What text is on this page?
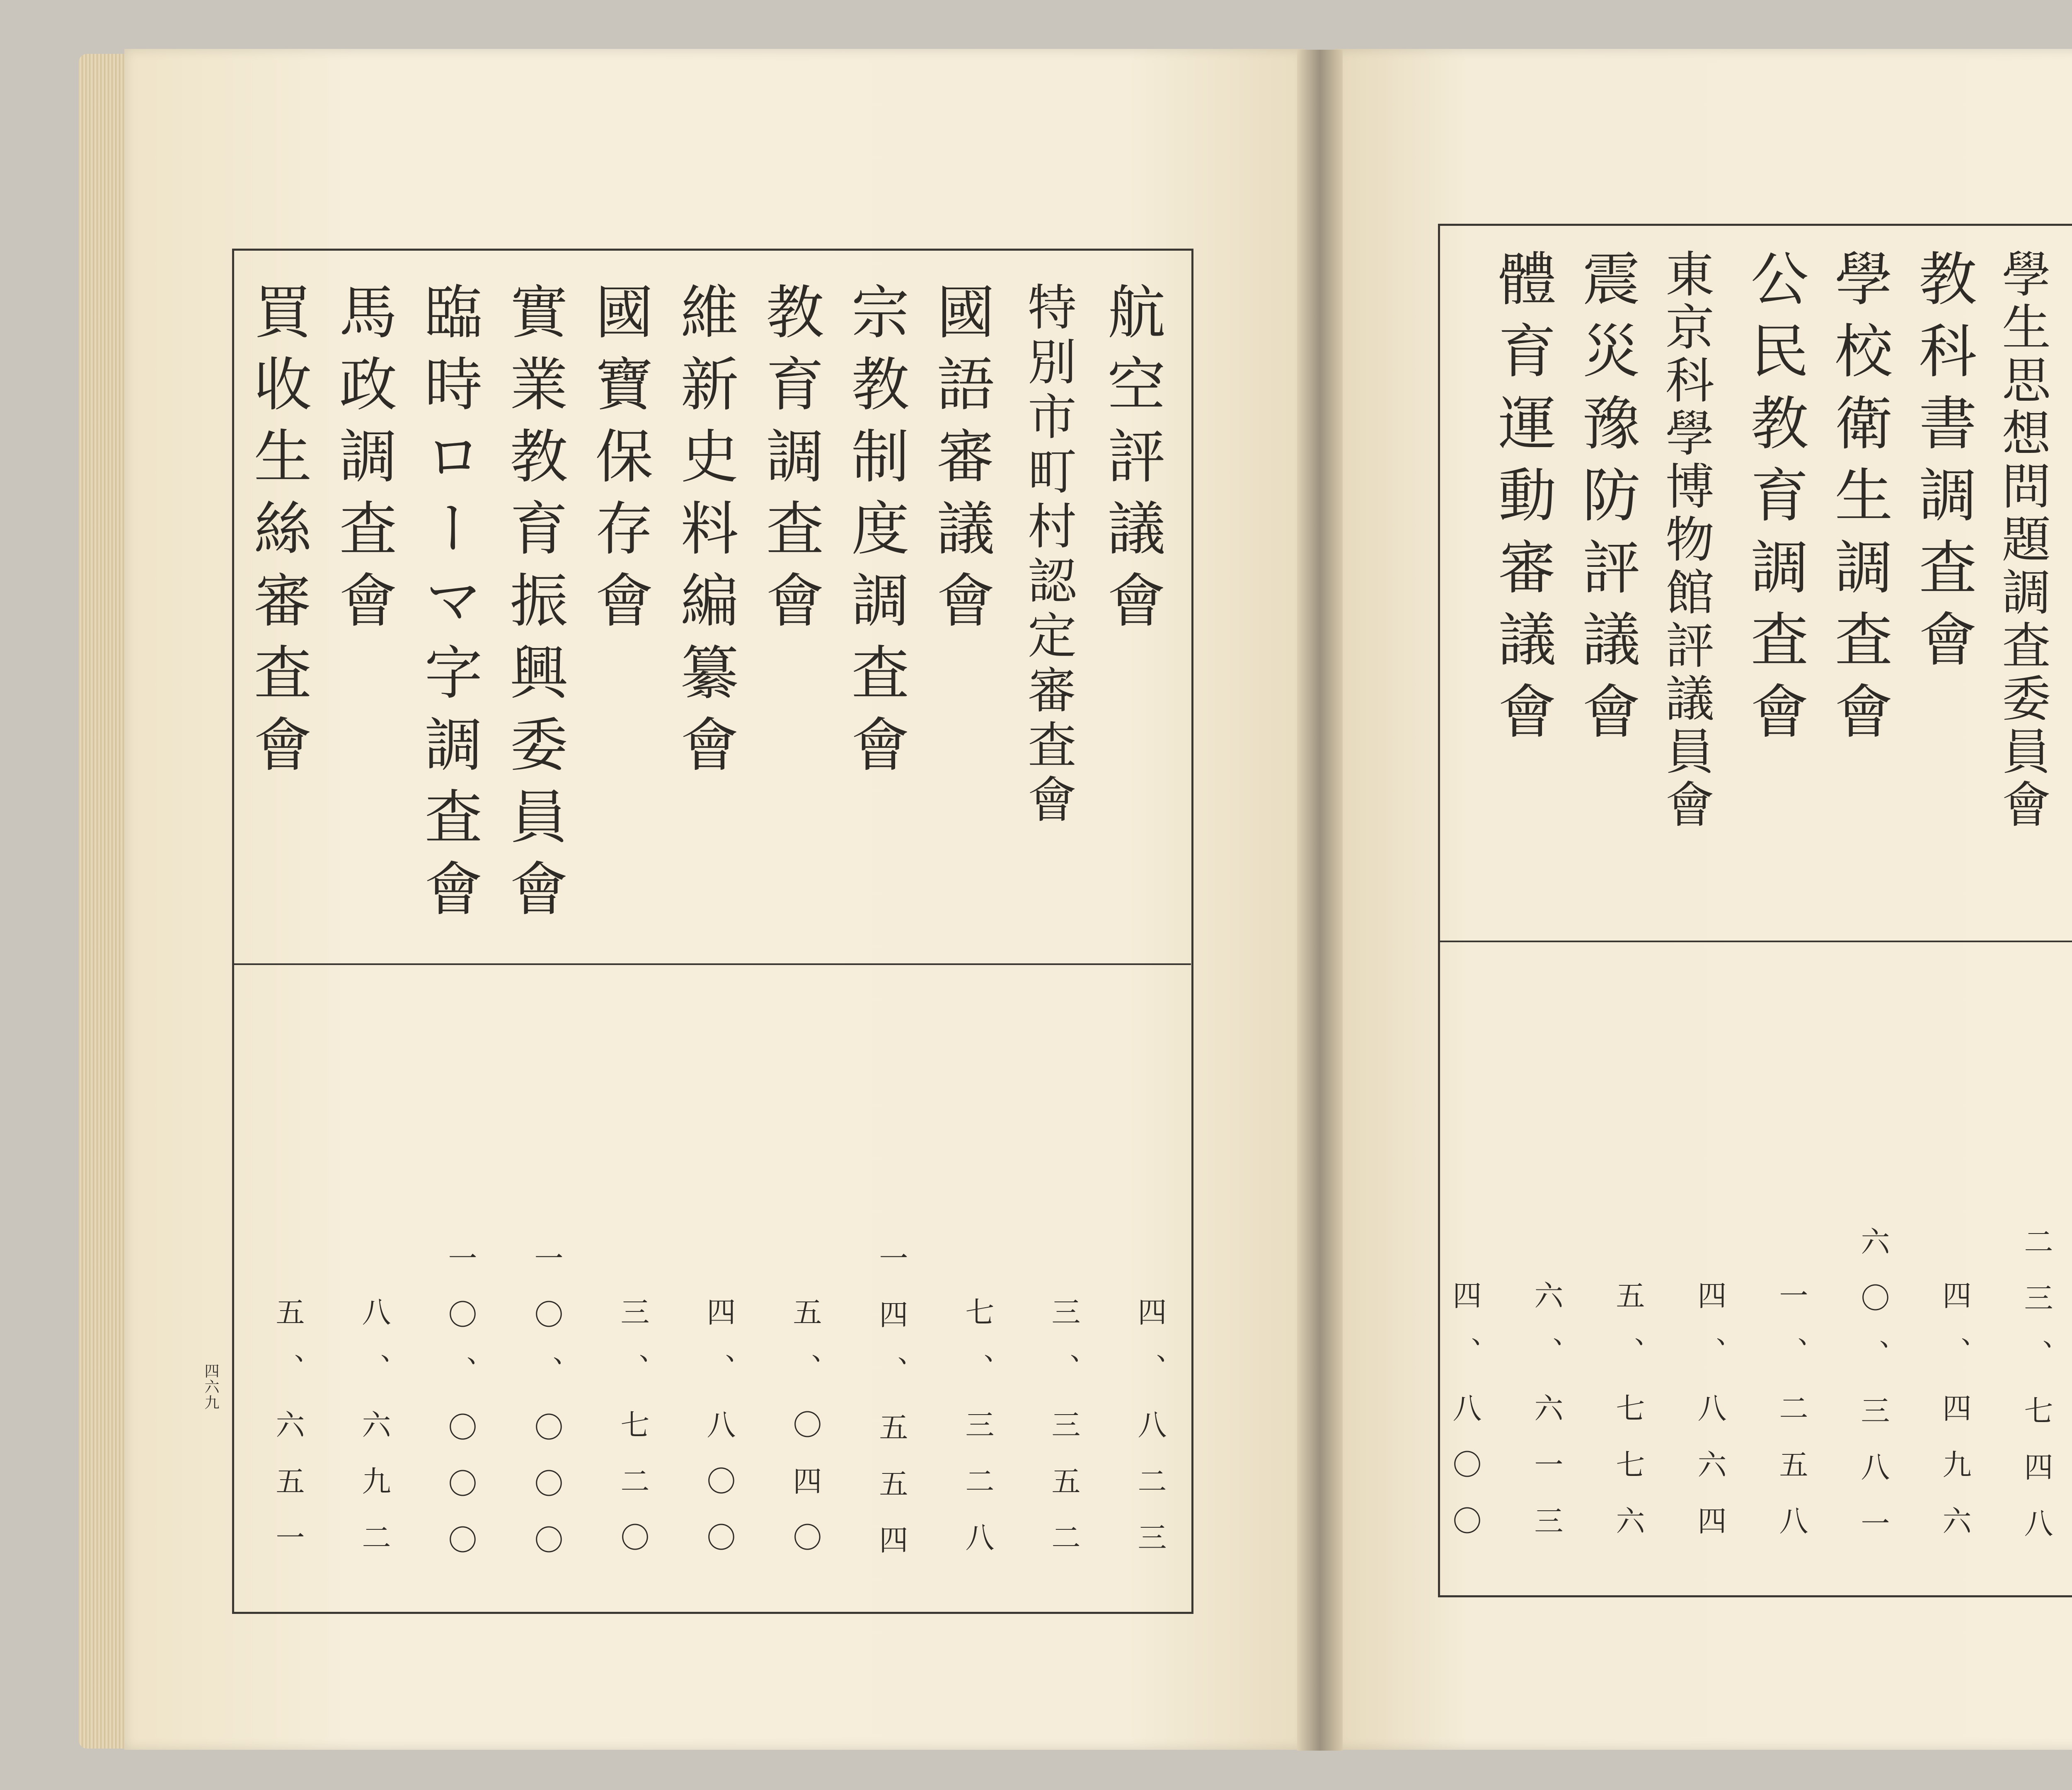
航空評議會
特別市町村認定審査會
國語審議會
宗教制度調査會
教育調査會
維新史料編纂會
國寶保存會
實業教育振興委員會
臨時ローマ字調査會
馬政調査會
買收生絲審査會
四、八二三
三、三五二
七、三二八
一四、五五四
五、〇四〇
四、八〇〇
三、七二〇
一〇、〇〇〇
一〇、〇〇〇
八、六九二
五、六五一
四六九
學生思想問題調査委員會
教科書調査會
學校衛生調査會
公民教育調査會
東京科學博物館評議員會
震災豫防評議會
體育運動審議會
二三、七四八
四、四九六
六〇、三八一
一、二五八
四、八六四
五、七七六
六、六一三
四、八〇〇
